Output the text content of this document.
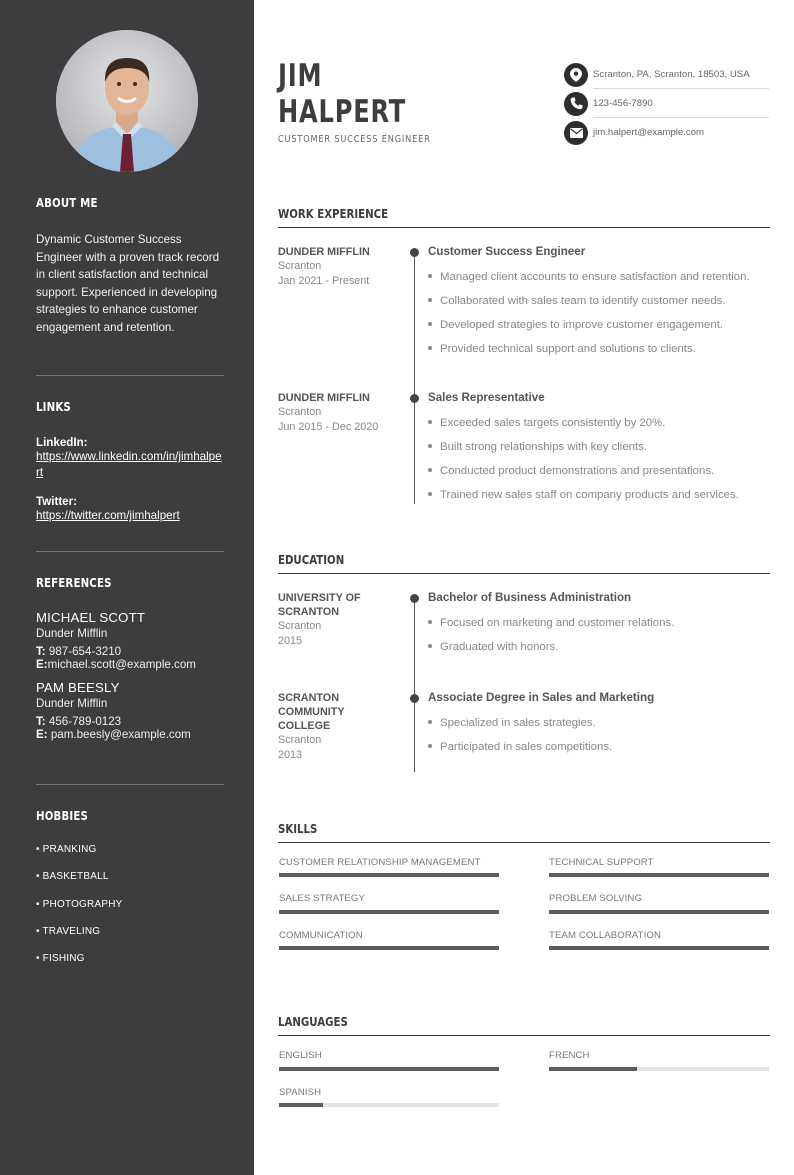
ABOUT ME
Dynamic Customer Success Engineer with a proven track record in client satisfaction and technical support. Experienced in developing strategies to enhance customer engagement and retention.
LINKS
LinkedIn:
https://www.linkedin.com/in/jimhalpert
Twitter:
https://twitter.com/jimhalpert
REFERENCES
MICHAEL SCOTT
Dunder Mifflin
T: 987-654-3210
E:michael.scott@example.com
PAM BEESLY
Dunder Mifflin
T: 456-789-0123
E: pam.beesly@example.com
HOBBIES
• PRANKING
• BASKETBALL
• PHOTOGRAPHY
• TRAVELING
• FISHING
JIM
HALPERT
CUSTOMER SUCCESS ENGINEER
Scranton, PA, Scranton, 18503, USA
123-456-7890
jim.halpert@example.com
WORK EXPERIENCE
DUNDER MIFFLIN
Scranton
Jan 2021 - Present
Customer Success Engineer
Managed client accounts to ensure satisfaction and retention.
Collaborated with sales team to identify customer needs.
Developed strategies to improve customer engagement.
Provided technical support and solutions to clients.
DUNDER MIFFLIN
Scranton
Jun 2015 - Dec 2020
Sales Representative
Exceeded sales targets consistently by 20%.
Built strong relationships with key clients.
Conducted product demonstrations and presentations.
Trained new sales staff on company products and services.
EDUCATION
UNIVERSITY OF SCRANTON
Scranton
2015
Bachelor of Business Administration
Focused on marketing and customer relations.
Graduated with honors.
SCRANTON COMMUNITY COLLEGE
Scranton
2013
Associate Degree in Sales and Marketing
Specialized in sales strategies.
Participated in sales competitions.
SKILLS
CUSTOMER RELATIONSHIP MANAGEMENT	TECHNICAL SUPPORT
SALES STRATEGY	PROBLEM SOLVING
COMMUNICATION	TEAM COLLABORATION
LANGUAGES
ENGLISH	FRENCH
SPANISH
